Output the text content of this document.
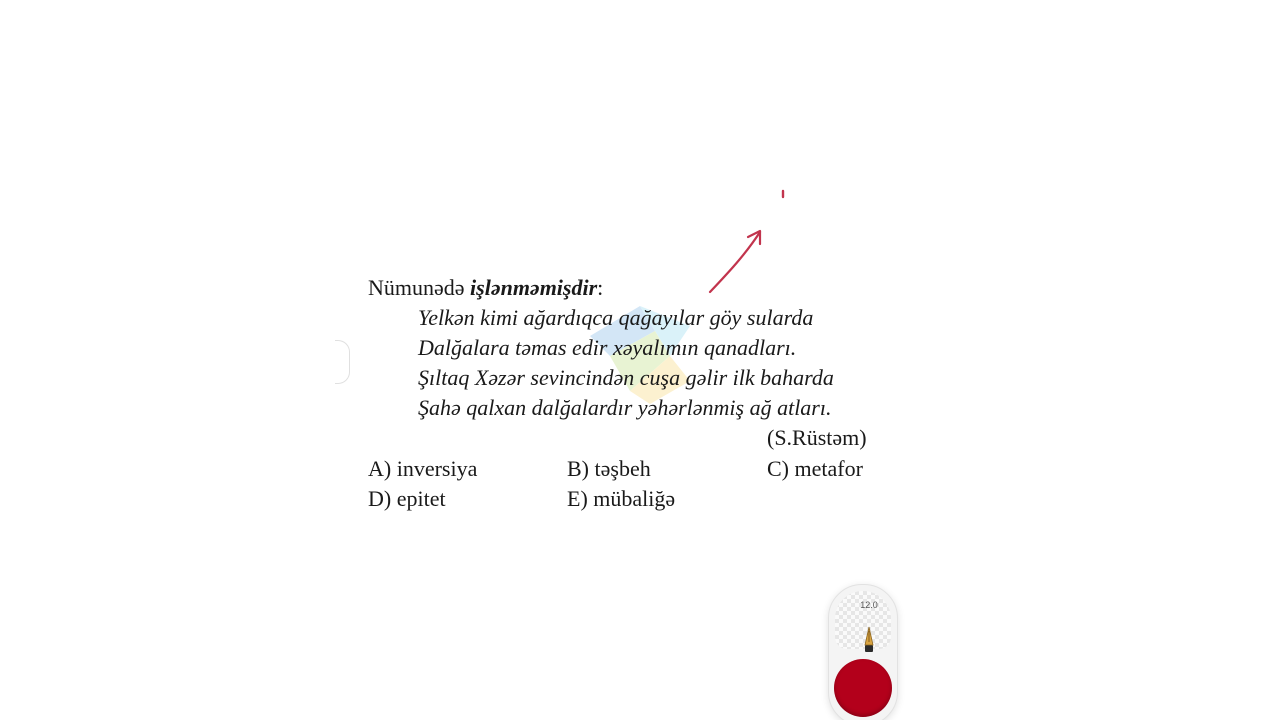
Nümunədə işlənməmişdir:
Yelkən kimi ağardıqca qağayılar göy sularda
Dalğalara təmas edir xəyalımın qanadları.
Şıltaq Xəzər sevincindən cuşa gəlir ilk baharda
Şahə qalxan dalğalardır yəhərlənmiş ağ atları.
(S.Rüstəm)
A) inversiya	B) təşbeh	C) metafor
D) epitet	E) mübaliğə
12.0
